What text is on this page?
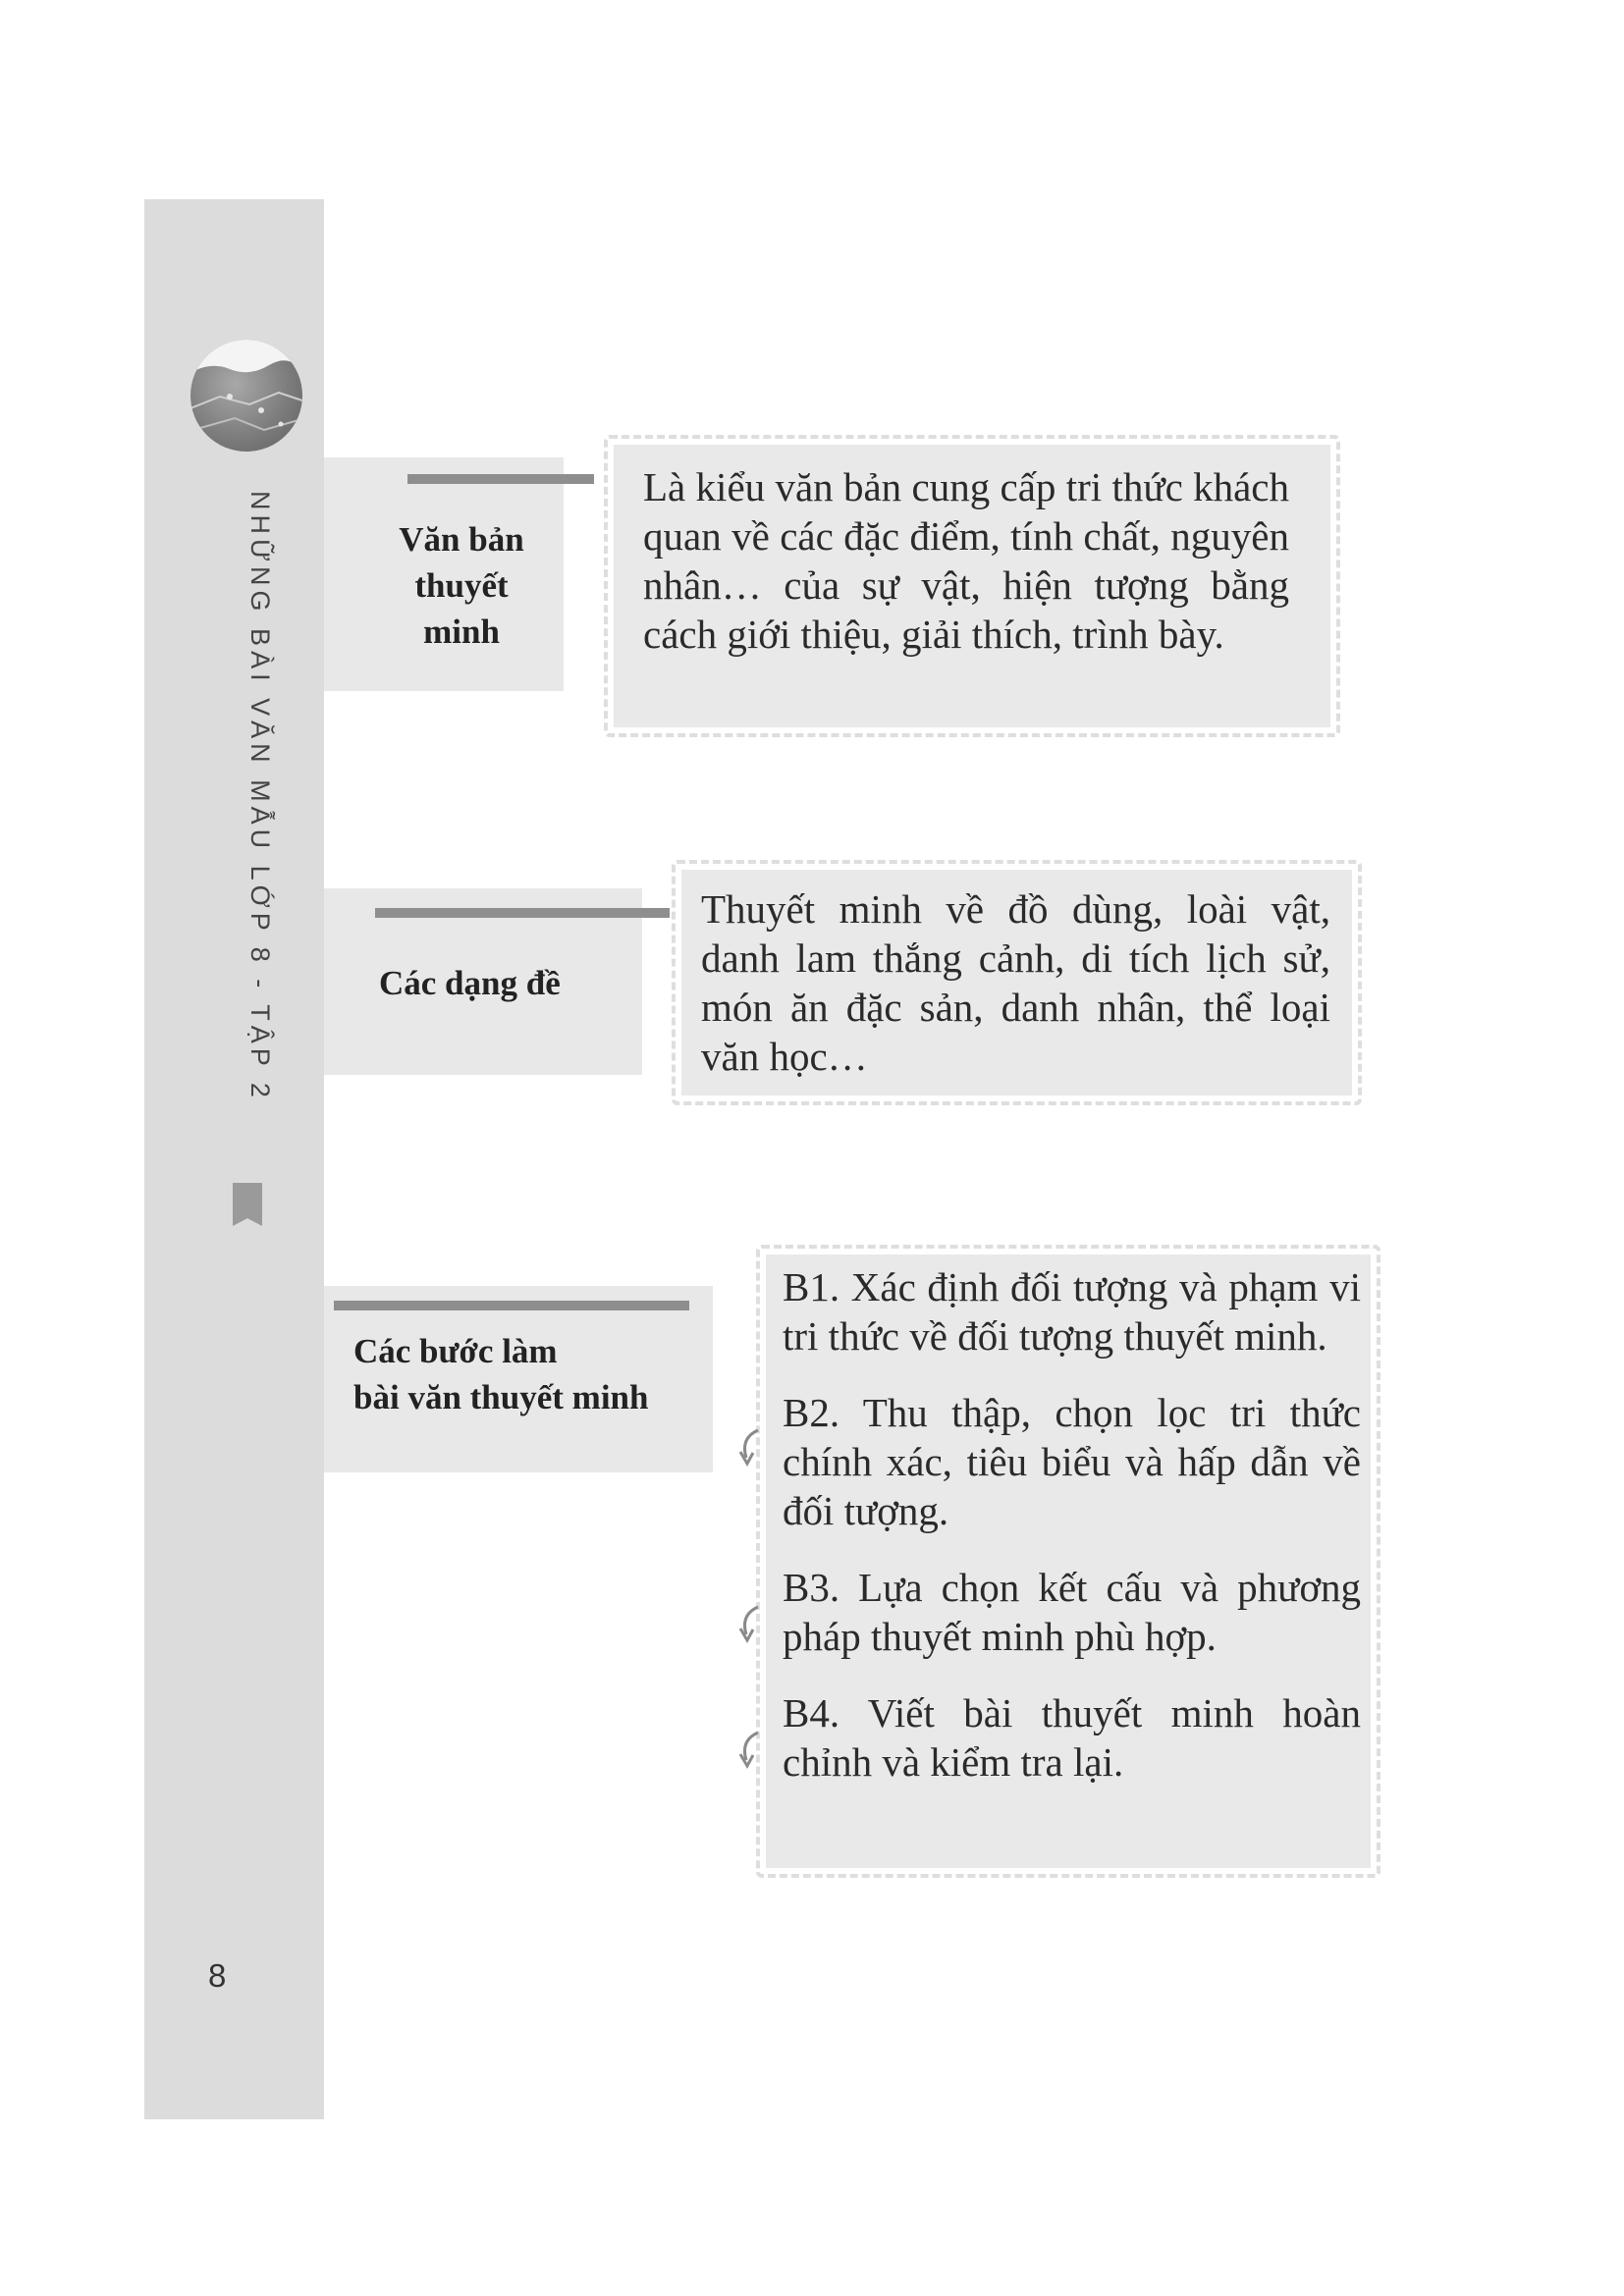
NHỮNG BÀI VĂN MẪU LỚP 8 - TẬP 2
8
Văn bản thuyết minh
Là kiểu văn bản cung cấp tri thức khách quan về các đặc điểm, tính chất, nguyên nhân… của sự vật, hiện tượng bằng cách giới thiệu, giải thích, trình bày.
Các dạng đề
Thuyết minh về đồ dùng, loài vật, danh lam thắng cảnh, di tích lịch sử, món ăn đặc sản, danh nhân, thể loại văn học…
Các bước làm
bài văn thuyết minh

B1. Xác định đối tượng và phạm vi tri thức về đối tượng thuyết minh.

B2. Thu thập, chọn lọc tri thức chính xác, tiêu biểu và hấp dẫn về đối tượng.

B3. Lựa chọn kết cấu và phương pháp thuyết minh phù hợp.

B4. Viết bài thuyết minh hoàn chỉnh và kiểm tra lại.
